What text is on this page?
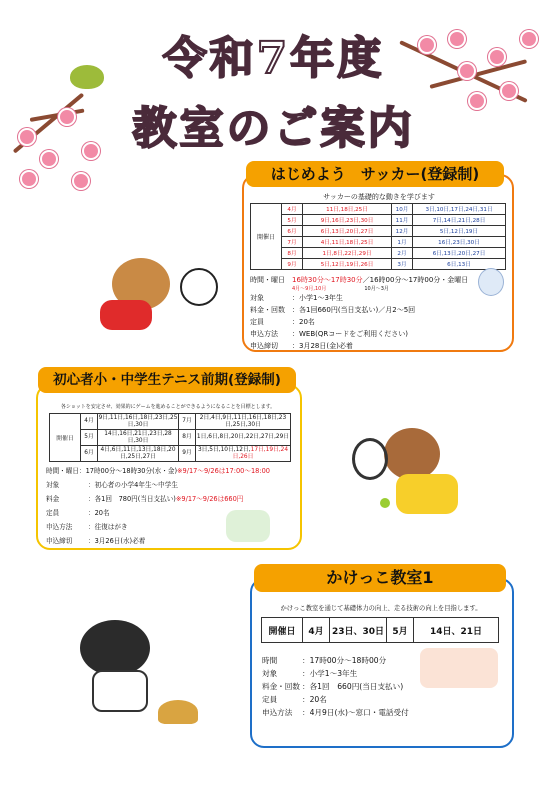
令和7年度
教室のご案内
はじめよう　サッカー(登録制)
サッカーの基礎的な動きを学びます
開催日	4月	11日,18日,25日	10月	3日,10日,17日,24日,31日
	5月	9日,16日,23日,30日	11月	7日,14日,21日,28日
	6月	6日,13日,20日,27日	12月	5日,12日,19日
	7月	4日,11日,18日,25日	1月	16日,23日,30日
	8月	1日,8日,22日,29日	2月	6日,13日,20日,27日
	9月	5日,12日,19日,26日	3月	6日,13日
時間・曜日 16時30分～17時30分／16時00分～17時00分・金曜日
4月～9月,10月	10月～3月
対象	：小学1～3年生
料金・回数 ：各1回660円(当日支払い)／月2～5回
定員	：20名
申込方法 ：WEB(QRコードをご利用ください)
申込締切 ：3月28日(金)必着
初心者小・中学生テニス前期(登録制)
各ショットを安定させ、効果的にゲームを進めることができるようになることを目標とします。
開催日	4月	9日,11日,16日,18日,23日,25日,30日	7月	2日,4日,9日,11日,16日,18日,23日,25日,30日
	5月	14日,16日,21日,23日,28日,30日	8月	1日,6日,8日,20日,22日,27日,29日
	6月	4日,6日,11日,13日,18日,20日,25日,27日	9月	3日,5日,10日,12日,17日,19日,24日,26日
時間・曜日：17時00分～18時30分(水・金)※9/17～9/26は17:00～18:00
対象	：初心者の小学4年生～中学生
料金	：各1回　780円(当日支払い)※9/17～9/26は660円
定員	：20名
申込方法 ：往復はがき
申込締切 ：3月26日(水)必着
かけっこ教室1
かけっこ教室を通じて基礎体力の向上、走る技術の向上を目指します。
開催日	4月	23日、30日	5月	14日、21日
時間	：17時00分～18時00分
対象	：小学1～3年生
料金・回数 ：各1回　660円(当日支払い)
定員	：20名
申込方法 ：4月9日(水)～窓口・電話受付
